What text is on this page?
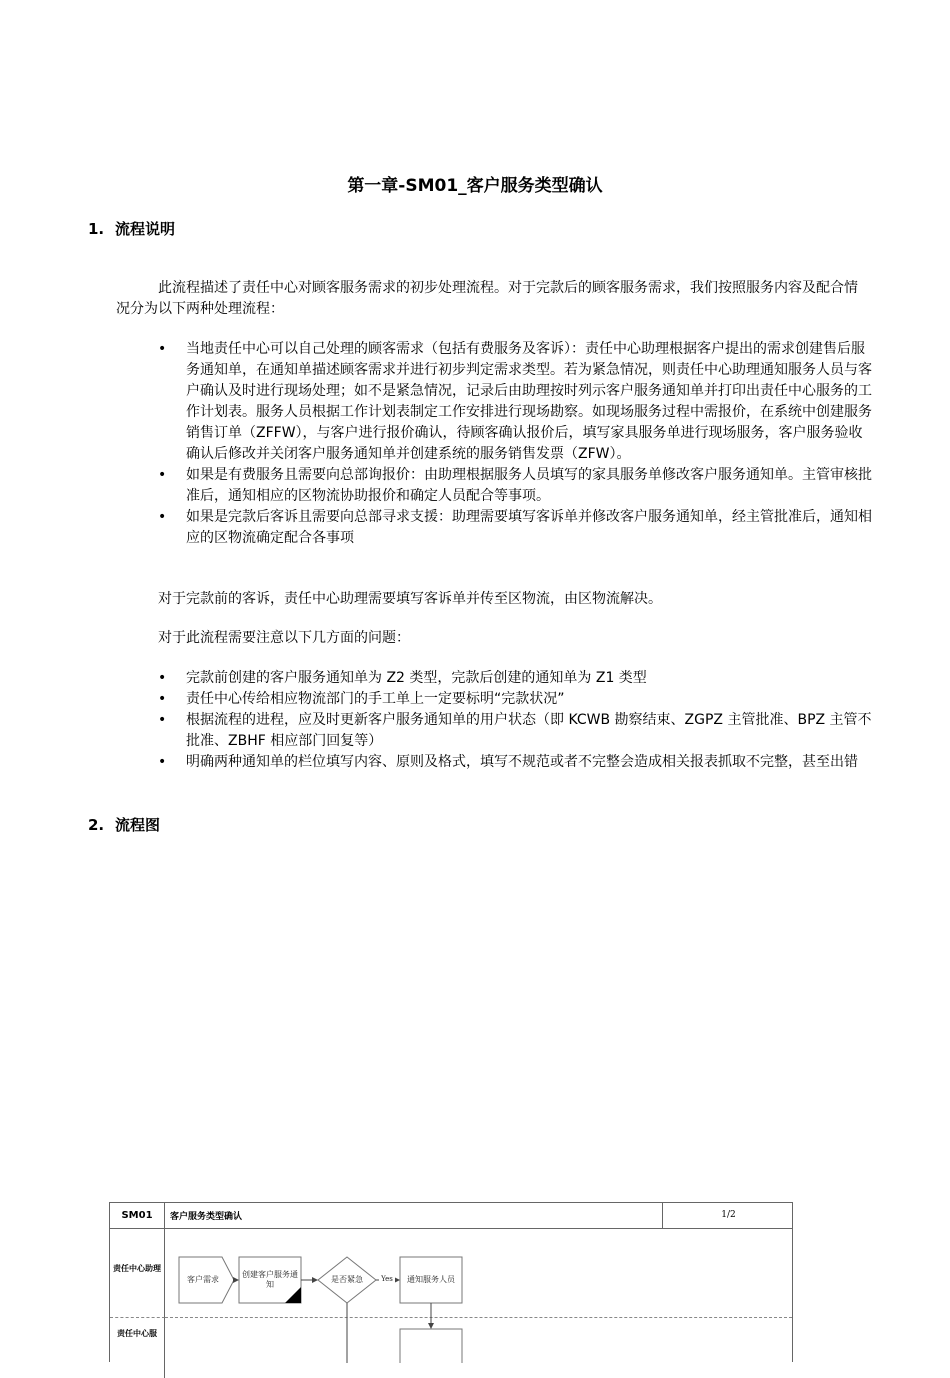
第一章-SM01_客户服务类型确认
1. 流程说明
此流程描述了责任中心对顾客服务需求的初步处理流程。对于完款后的顾客服务需求，我们按照服务内容及配合情况分为以下两种处理流程：
•	当地责任中心可以自己处理的顾客需求（包括有费服务及客诉）：责任中心助理根据客户提出的需求创建售后服务通知单，在通知单描述顾客需求并进行初步判定需求类型。若为紧急情况，则责任中心助理通知服务人员与客户确认及时进行现场处理；如不是紧急情况，记录后由助理按时列示客户服务通知单并打印出责任中心服务的工作计划表。服务人员根据工作计划表制定工作安排进行现场勘察。如现场服务过程中需报价，在系统中创建服务销售订单（ZFFW），与客户进行报价确认，待顾客确认报价后，填写家具服务单进行现场服务，客户服务验收确认后修改并关闭客户服务通知单并创建系统的服务销售发票（ZFW）。
•	如果是有费服务且需要向总部询报价：由助理根据服务人员填写的家具服务单修改客户服务通知单。主管审核批准后，通知相应的区物流协助报价和确定人员配合等事项。
•	如果是完款后客诉且需要向总部寻求支援：助理需要填写客诉单并修改客户服务通知单，经主管批准后，通知相应的区物流确定配合各事项
对于完款前的客诉，责任中心助理需要填写客诉单并传至区物流，由区物流解决。
对于此流程需要注意以下几方面的问题：
•	完款前创建的客户服务通知单为 Z2 类型，完款后创建的通知单为 Z1 类型
•	责任中心传给相应物流部门的手工单上一定要标明“完款状况”
•	根据流程的进程，应及时更新客户服务通知单的用户状态（即 KCWB 勘察结束、ZGPZ 主管批准、BPZ 主管不批准、ZBHF 相应部门回复等）
•	明确两种通知单的栏位填写内容、原则及格式，填写不规范或者不完整会造成相关报表抓取不完整，甚至出错
2. 流程图
SM01	客户服务类型确认	1/2
责任中心助理
责任中心服
客户需求
创建客户服务通知
是否紧急	Yes	通知服务人员
